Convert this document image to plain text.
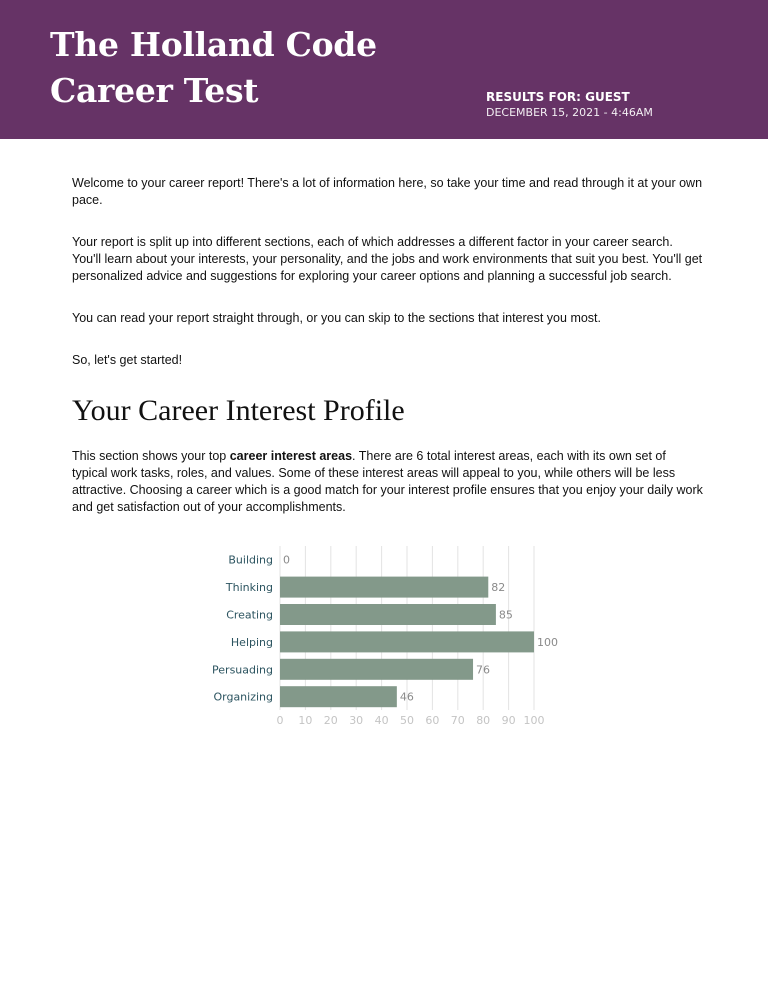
The Holland Code
Career Test	RESULTS FOR: GUEST
DECEMBER 15, 2021 - 4:46AM

Welcome to your career report! There's a lot of information here, so take your time and read through it at your own pace.

Your report is split up into different sections, each of which addresses a different factor in your career search. You'll learn about your interests, your personality, and the jobs and work environments that suit you best. You'll get personalized advice and suggestions for exploring your career options and planning a successful job search.

You can read your report straight through, or you can skip to the sections that interest you most.

So, let's get started!

Your Career Interest Profile

This section shows your top career interest areas. There are 6 total interest areas, each with its own set of typical work tasks, roles, and values. Some of these interest areas will appeal to you, while others will be less attractive. Choosing a career which is a good match for your interest profile ensures that you enjoy your daily work and get satisfaction out of your accomplishments.

0 10 20 30 40 50 60 70 80 90 100
Building 0
Thinking	82
Creating	85
Helping	100
Persuading	76
Organizing	46
